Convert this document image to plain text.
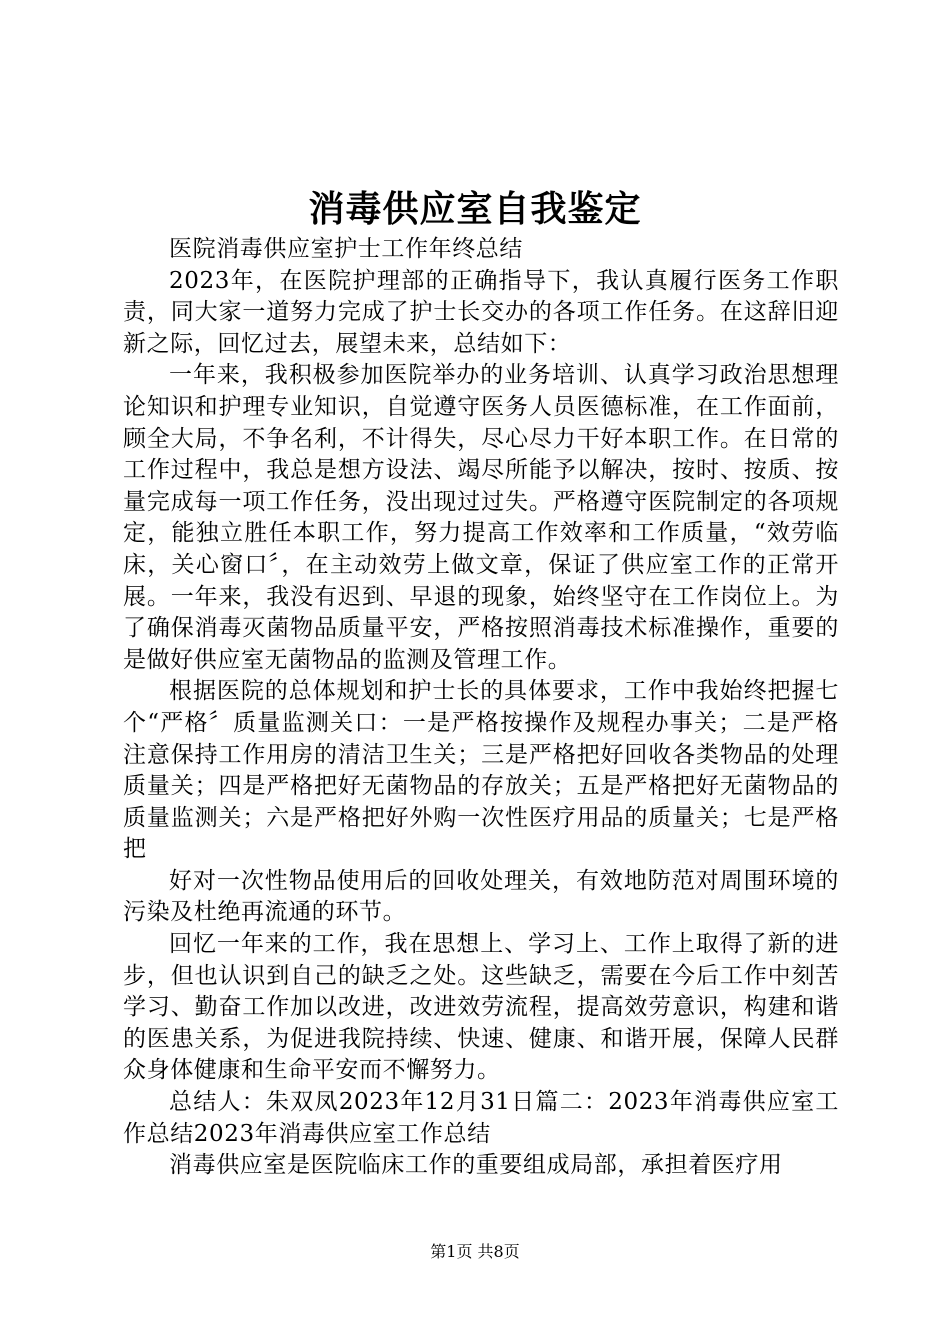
消毒供应室自我鉴定

医院消毒供应室护士工作年终总结

2023年，在医院护理部的正确指导下，我认真履行医务工作职责，同大家一道努力完成了护士长交办的各项工作任务。在这辞旧迎新之际，回忆过去，展望未来，总结如下：

一年来，我积极参加医院举办的业务培训、认真学习政治思想理论知识和护理专业知识，自觉遵守医务人员医德标准，在工作面前，顾全大局，不争名利，不计得失，尽心尽力干好本职工作。在日常的工作过程中，我总是想方设法、竭尽所能予以解决，按时、按质、按量完成每一项工作任务，没出现过过失。严格遵守医院制定的各项规定，能独立胜任本职工作，努力提高工作效率和工作质量，“效劳临床，关心窗口〞，在主动效劳上做文章，保证了供应室工作的正常开展。一年来，我没有迟到、早退的现象，始终坚守在工作岗位上。为了确保消毒灭菌物品质量平安，严格按照消毒技术标准操作，重要的是做好供应室无菌物品的监测及管理工作。

根据医院的总体规划和护士长的具体要求，工作中我始终把握七个“严格〞质量监测关口：一是严格按操作及规程办事关；二是严格注意保持工作用房的清洁卫生关；三是严格把好回收各类物品的处理质量关；四是严格把好无菌物品的存放关；五是严格把好无菌物品的质量监测关；六是严格把好外购一次性医疗用品的质量关；七是严格把

好对一次性物品使用后的回收处理关，有效地防范对周围环境的污染及杜绝再流通的环节。

回忆一年来的工作，我在思想上、学习上、工作上取得了新的进步，但也认识到自己的缺乏之处。这些缺乏，需要在今后工作中刻苦学习、勤奋工作加以改进，改进效劳流程，提高效劳意识，构建和谐的医患关系，为促进我院持续、快速、健康、和谐开展，保障人民群众身体健康和生命平安而不懈努力。

总结人：朱双凤2023年12月31日篇二：2023年消毒供应室工作总结2023年消毒供应室工作总结

消毒供应室是医院临床工作的重要组成局部，承担着医疗用

第1页 共8页
